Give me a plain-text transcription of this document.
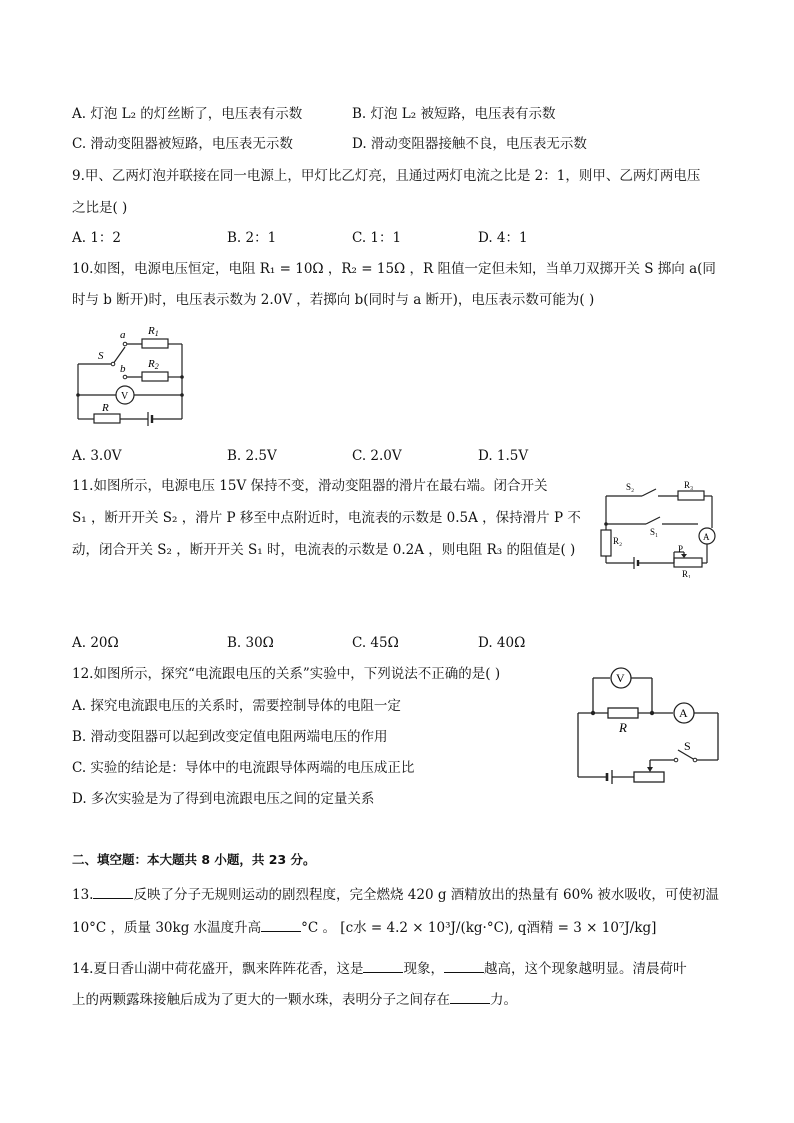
A. 灯泡 L₂ 的灯丝断了，电压表有示数	B. 灯泡 L₂ 被短路，电压表有示数
C. 滑动变阻器被短路，电压表无示数	D. 滑动变阻器接触不良，电压表无示数
9.甲、乙两灯泡并联接在同一电源上，甲灯比乙灯亮，且通过两灯电流之比是 2：1，则甲、乙两灯两电压
之比是( )
A. 1：2	B. 2：1	C. 1：1	D. 4：1
10.如图，电源电压恒定，电阻 R₁ = 10Ω ，R₂ = 15Ω ，R 阻值一定但未知，当单刀双掷开关 S 掷向 a(同
时与 b 断开)时，电压表示数为 2.0V ，若掷向 b(同时与 a 断开)，电压表示数可能为( )
a
b
S
R1
R2
V
R
A. 3.0V	B. 2.5V	C. 2.0V	D. 1.5V
11.如图所示，电源电压 15V 保持不变，滑动变阻器的滑片在最右端。闭合开关
S₁ ，断开开关 S₂ ，滑片 P 移至中点附近时，电流表的示数是 0.5A ，保持滑片 P 不
动，闭合开关 S₂ ，断开开关 S₁ 时，电流表的示数是 0.2A ，则电阻 R₃ 的阻值是( )
S₂	R₃
S₁
R₂	A
P
R₁
A. 20Ω	B. 30Ω	C. 45Ω	D. 40Ω
12.如图所示，探究“电流跟电压的关系”实验中，下列说法不正确的是( )
A. 探究电流跟电压的关系时，需要控制导体的电阻一定
B. 滑动变阻器可以起到改变定值电阻两端电压的作用
C. 实验的结论是：导体中的电流跟导体两端的电压成正比
D. 多次实验是为了得到电流跟电压之间的定量关系
V
R
A
S
二、填空题：本大题共 8 小题，共 23 分。
13.	反映了分子无规则运动的剧烈程度，完全燃烧 420 g 酒精放出的热量有 60% 被水吸收，可使初温
10°C ，质量 30kg 水温度升高	°C 。 [c水 = 4.2 × 10³J/(kg·°C), q酒精 = 3 × 10⁷J/kg]
14.夏日香山湖中荷花盛开，飘来阵阵花香，这是	现象，	越高，这个现象越明显。清晨荷叶
上的两颗露珠接触后成为了更大的一颗水珠，表明分子之间存在	力。
